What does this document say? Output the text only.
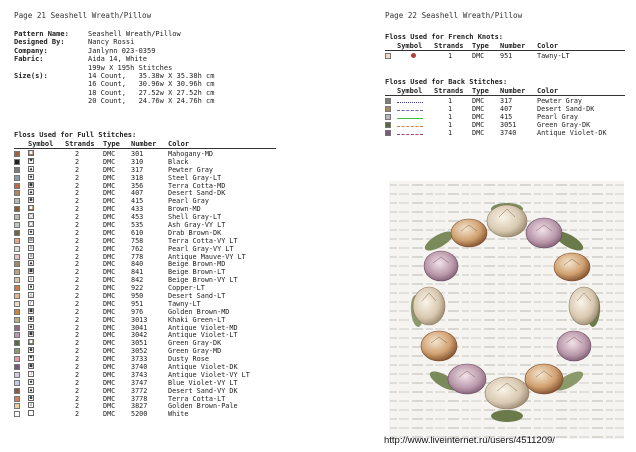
Page 21 Seashell Wreath/Pillow
Pattern Name:	Seashell Wreath/Pillow
Designed By:	Nancy Rossi
Company:	Janlynn 023-0359
Fabric:	Aida 14, White
199w X 195h Stitches
Size(s):	14 Count,   35.38w X 35.38h cm
16 Count,   30.96w X 30.96h cm
18 Count,   27.52w X 27.52h cm
20 Count,   24.76w X 24.76h cm
Floss Used for Full Stitches:
Symbol	Strands	Type	Number	Color
■	2	DMC	301	Mahogany-MD
♥	2	DMC	310	Black
▲	2	DMC	317	Pewter Gray
◆	2	DMC	318	Steel Gray-LT
■	2	DMC	356	Terra Cotta-MD
▲	2	DMC	407	Desert Sand-DK
●	2	DMC	415	Pearl Gray
■	2	DMC	433	Brown-MD
○	2	DMC	453	Shell Gray-LT
□	2	DMC	535	Ash Gray-VY LT
◆	2	DMC	610	Drab Brown-DK
⊠	2	DMC	758	Terra Cotta-VY LT
≡	2	DMC	762	Pearl Gray-VY LT
≡	2	DMC	778	Antique Mauve-VY LT
▲	2	DMC	840	Beige Brown-MD
■	2	DMC	841	Beige Brown-LT
▫	2	DMC	842	Beige Brown-VY LT
▪	2	DMC	922	Copper-LT
△	2	DMC	950	Desert Sand-LT
/	2	DMC	951	Tawny-LT
■	2	DMC	976	Golden Brown-MD
●	2	DMC	3013	Khaki Green-LT
◆	2	DMC	3041	Antique Violet-MD
■	2	DMC	3042	Antique Violet-LT
■	2	DMC	3051	Green Gray-DK
●	2	DMC	3052	Green Gray-MD
♥	2	DMC	3733	Dusty Rose
■	2	DMC	3740	Antique Violet-DK
☽	2	DMC	3743	Antique Violet-VY LT
◆	2	DMC	3747	Blue Violet-VY LT
▲	2	DMC	3772	Desert Sand-VY DK
●	2	DMC	3778	Terra Cotta-LT
▫	2	DMC	3827	Golden Brown-Pale
2	DMC	5200	White
Page 22 Seashell Wreath/Pillow
Floss Used for French Knots:
Symbol	Strands	Type	Number	Color
1	DMC	951	Tawny-LT
Floss Used for Back Stitches:
Symbol	Strands	Type	Number	Color
1	DMC	317	Pewter Gray
1	DMC	407	Desert Sand-DK
1	DMC	415	Pearl Gray
1	DMC	3051	Green Gray-DK
1	DMC	3740	Antique Violet-DK
http://www.liveinternet.ru/users/4511209/
